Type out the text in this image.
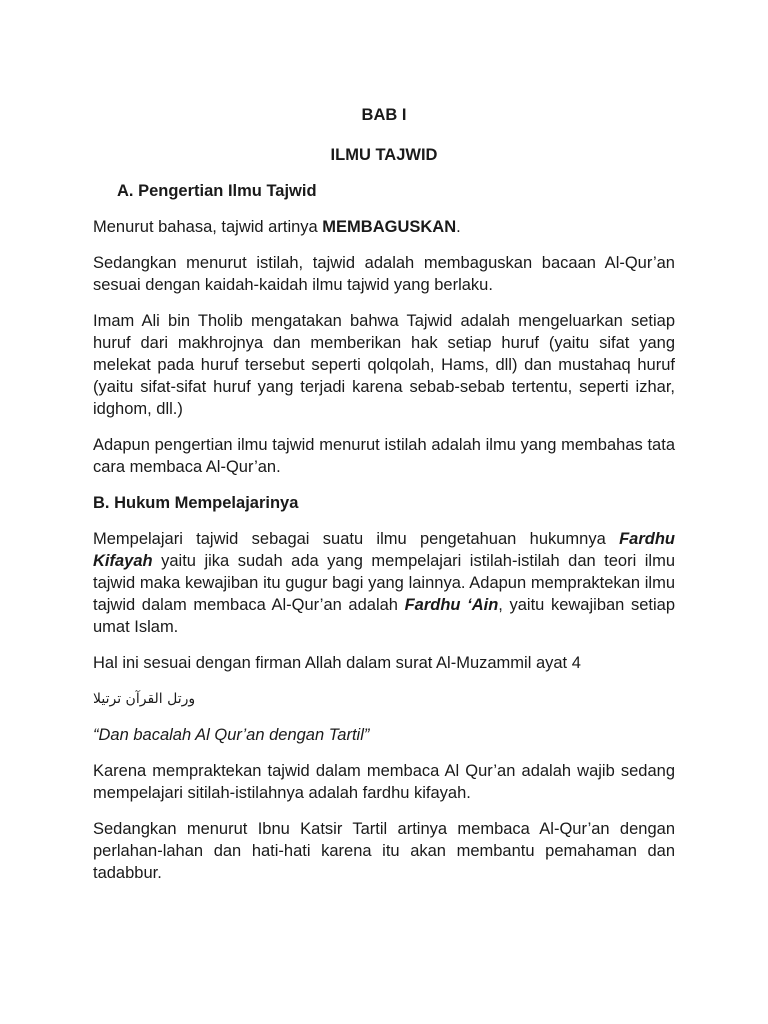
BAB I
ILMU TAJWID
A. Pengertian Ilmu Tajwid

Menurut bahasa, tajwid artinya MEMBAGUSKAN.

Sedangkan menurut istilah, tajwid adalah membaguskan bacaan Al-Qur’an sesuai dengan kaidah-kaidah ilmu tajwid yang berlaku.

Imam Ali bin Tholib mengatakan bahwa Tajwid adalah mengeluarkan setiap huruf dari makhrojnya dan memberikan hak setiap huruf (yaitu sifat yang melekat pada huruf tersebut seperti qolqolah, Hams, dll) dan mustahaq huruf (yaitu sifat-sifat huruf yang terjadi karena sebab-sebab tertentu, seperti izhar, idghom, dll.)

Adapun pengertian ilmu tajwid menurut istilah adalah ilmu yang membahas tata cara membaca Al-Qur’an.

B. Hukum Mempelajarinya

Mempelajari tajwid sebagai suatu ilmu pengetahuan hukumnya Fardhu Kifayah yaitu jika sudah ada yang mempelajari istilah-istilah dan teori ilmu tajwid maka kewajiban itu gugur bagi yang lainnya. Adapun mempraktekan ilmu tajwid dalam membaca Al-Qur’an adalah Fardhu ‘Ain, yaitu kewajiban setiap umat Islam.

Hal ini sesuai dengan firman Allah dalam surat Al-Muzammil ayat 4

ورتل القرآن ترتيلا

“Dan bacalah Al Qur’an dengan Tartil”

Karena mempraktekan tajwid dalam membaca Al Qur’an adalah wajib sedang mempelajari sitilah-istilahnya adalah fardhu kifayah.

Sedangkan menurut Ibnu Katsir Tartil artinya membaca Al-Qur’an dengan perlahan-lahan dan hati-hati karena itu akan membantu pemahaman dan tadabbur.
